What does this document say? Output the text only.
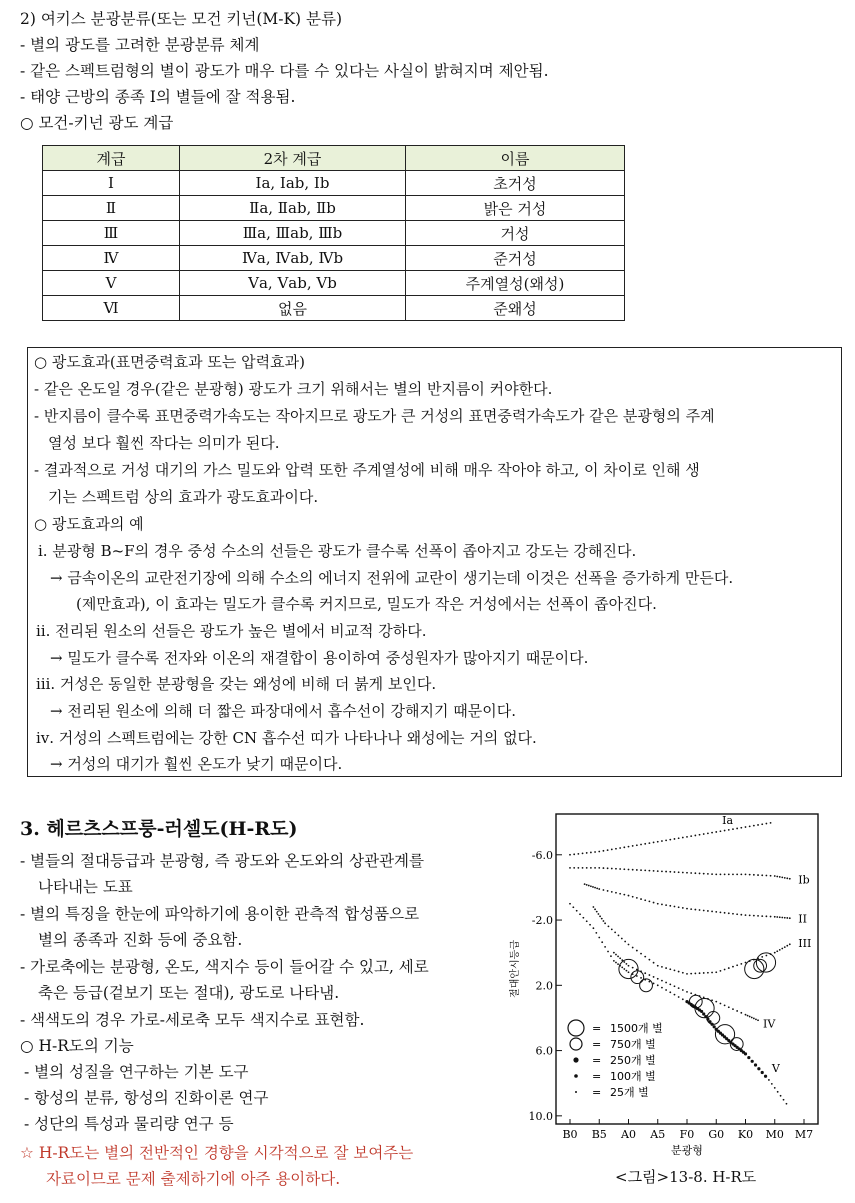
2) 여키스 분광분류(또는 모건 키넌(M-K) 분류)
- 별의 광도를 고려한 분광분류 체계
- 같은 스펙트럼형의 별이 광도가 매우 다를 수 있다는 사실이 밝혀지며 제안됨.
- 태양 근방의 종족 Ⅰ의 별들에 잘 적용됨.
○ 모건-키넌 광도 계급
계급	2차 계급	이름
Ⅰ	Ⅰa, Ⅰab, Ⅰb	초거성
Ⅱ	Ⅱa, Ⅱab, Ⅱb	밝은 거성
Ⅲ	Ⅲa, Ⅲab, Ⅲb	거성
Ⅳ	Ⅳa, Ⅳab, Ⅳb	준거성
Ⅴ	Ⅴa, Ⅴab, Ⅴb	주계열성(왜성)
Ⅵ	없음	준왜성
○ 광도효과(표면중력효과 또는 압력효과)
- 같은 온도일 경우(같은 분광형) 광도가 크기 위해서는 별의 반지름이 커야한다.
- 반지름이 클수록 표면중력가속도는 작아지므로 광도가 큰 거성의 표면중력가속도가 같은 분광형의 주계
열성 보다 훨씬 작다는 의미가 된다.
- 결과적으로 거성 대기의 가스 밀도와 압력 또한 주계열성에 비해 매우 작아야 하고, 이 차이로 인해 생
기는 스펙트럼 상의 효과가 광도효과이다.
○ 광도효과의 예
ⅰ. 분광형 B~F의 경우 중성 수소의 선들은 광도가 클수록 선폭이 좁아지고 강도는 강해진다.
→ 금속이온의 교란전기장에 의해 수소의 에너지 전위에 교란이 생기는데 이것은 선폭을 증가하게 만든다.
(제만효과), 이 효과는 밀도가 클수록 커지므로, 밀도가 작은 거성에서는 선폭이 좁아진다.
ⅱ. 전리된 원소의 선들은 광도가 높은 별에서 비교적 강하다.
→ 밀도가 클수록 전자와 이온의 재결합이 용이하여 중성원자가 많아지기 때문이다.
ⅲ. 거성은 동일한 분광형을 갖는 왜성에 비해 더 붉게 보인다.
→ 전리된 원소에 의해 더 짧은 파장대에서 흡수선이 강해지기 때문이다.
ⅳ. 거성의 스펙트럼에는 강한 CN 흡수선 띠가 나타나나 왜성에는 거의 없다.
→ 거성의 대기가 훨씬 온도가 낮기 때문이다.
3. 헤르츠스프룽-러셀도(H-R도)
- 별들의 절대등급과 분광형, 즉 광도와 온도와의 상관관계를
나타내는 도표
- 별의 특징을 한눈에 파악하기에 용이한 관측적 합성품으로
별의 종족과 진화 등에 중요함.
- 가로축에는 분광형, 온도, 색지수 등이 들어갈 수 있고, 세로
축은 등급(겉보기 또는 절대), 광도로 나타냄.
- 색색도의 경우 가로-세로축 모두 색지수로 표현함.
○ H-R도의 기능
- 별의 성질을 연구하는 기본 도구
- 항성의 분류, 항성의 진화이론 연구
- 성단의 특성과 물리량 연구 등
☆ H-R도는 별의 전반적인 경향을 시각적으로 잘 보여주는
자료이므로 문제 출제하기에 아주 용이하다.
-6.0
-2.0
2.0
6.0
10.0
B0 B5 A0 A5 F0 G0 K0 M0 M7
분광형
절대안시등급
Ia
Ib
II
III
IV
V
= 1500개 별
= 750개 별
= 250개 별
= 100개 별
= 25개 별
<그림>13-8. H-R도
